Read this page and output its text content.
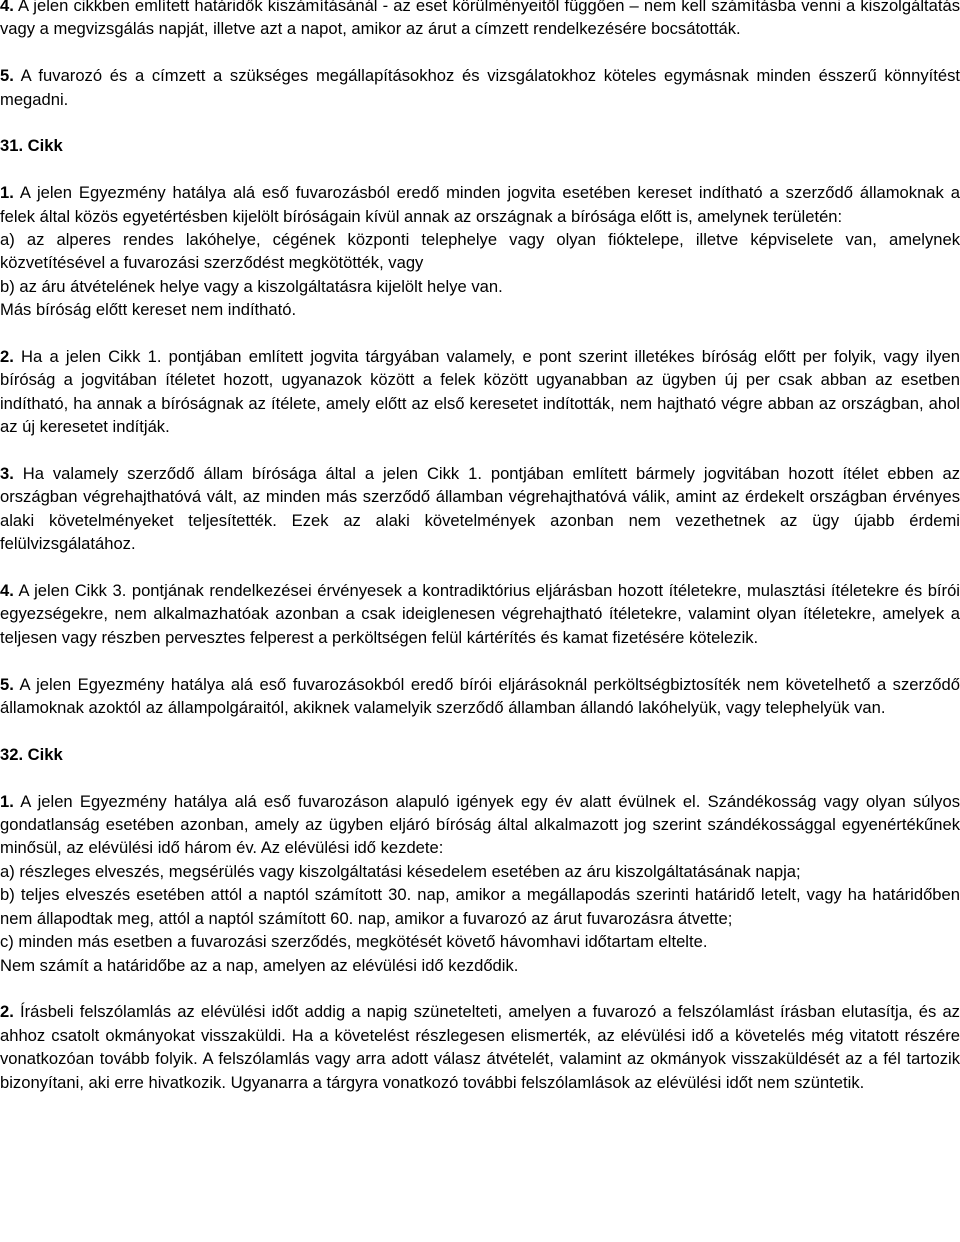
4. A jelen cikkben említett határidők kiszámításánál - az eset körülményeitől függően – nem kell számításba venni a kiszolgáltatás vagy a megvizsgálás napját, illetve azt a napot, amikor az árut a címzett rendelkezésére bocsátották.

5. A fuvarozó és a címzett a szükséges megállapításokhoz és vizsgálatokhoz köteles egymásnak minden ésszerű könnyítést megadni.

31. Cikk

1. A jelen Egyezmény hatálya alá eső fuvarozásból eredő minden jogvita esetében kereset indítható a szerződő államoknak a felek által közös egyetértésben kijelölt bíróságain kívül annak az országnak a bírósága előtt is, amelynek területén:

a) az alperes rendes lakóhelye, cégének központi telephelye vagy olyan fióktelepe, illetve képviselete van, amelynek közvetítésével a fuvarozási szerződést megkötötték, vagy

b) az áru átvételének helye vagy a kiszolgáltatásra kijelölt helye van.

Más bíróság előtt kereset nem indítható.

2. Ha a jelen Cikk 1. pontjában említett jogvita tárgyában valamely, e pont szerint illetékes bíróság előtt per folyik, vagy ilyen bíróság a jogvitában ítéletet hozott, ugyanazok között a felek között ugyanabban az ügyben új per csak abban az esetben indítható, ha annak a bíróságnak az ítélete, amely előtt az első keresetet indították, nem hajtható végre abban az országban, ahol az új keresetet indítják.

3. Ha valamely szerződő állam bírósága által a jelen Cikk 1. pontjában említett bármely jogvitában hozott ítélet ebben az országban végrehajthatóvá vált, az minden más szerződő államban végrehajthatóvá válik, amint az érdekelt országban érvényes alaki követelményeket teljesítették. Ezek az alaki követelmények azonban nem vezethetnek az ügy újabb érdemi felülvizsgálatához.

4. A jelen Cikk 3. pontjának rendelkezései érvényesek a kontradiktórius eljárásban hozott ítéletekre, mulasztási ítéletekre és bírói egyezségekre, nem alkalmazhatóak azonban a csak ideiglenesen végrehajtható ítéletekre, valamint olyan ítéletekre, amelyek a teljesen vagy részben pervesztes felperest a perköltségen felül kártérítés és kamat fizetésére kötelezik.

5. A jelen Egyezmény hatálya alá eső fuvarozásokból eredő bírói eljárásoknál perköltségbiztosíték nem követelhető a szerződő államoknak azoktól az állampolgáraitól, akiknek valamelyik szerződő államban állandó lakóhelyük, vagy telephelyük van.

32. Cikk

1. A jelen Egyezmény hatálya alá eső fuvarozáson alapuló igények egy év alatt évülnek el. Szándékosság vagy olyan súlyos gondatlanság esetében azonban, amely az ügyben eljáró bíróság által alkalmazott jog szerint szándékossággal egyenértékűnek minősül, az elévülési idő három év. Az elévülési idő kezdete:

a) részleges elveszés, megsérülés vagy kiszolgáltatási késedelem esetében az áru kiszolgáltatásának napja;

b) teljes elveszés esetében attól a naptól számított 30. nap, amikor a megállapodás szerinti határidő letelt, vagy ha határidőben nem állapodtak meg, attól a naptól számított 60. nap, amikor a fuvarozó az árut fuvarozásra átvette;

c) minden más esetben a fuvarozási szerződés, megkötését követő hávomhavi időtartam eltelte.

Nem számít a határidőbe az a nap, amelyen az elévülési idő kezdődik.

2. Írásbeli felszólamlás az elévülési időt addig a napig szünetelteti, amelyen a fuvarozó a felszólamlást írásban elutasítja, és az ahhoz csatolt okmányokat visszaküldi. Ha a követelést részlegesen elismerték, az elévülési idő a követelés még vitatott részére vonatkozóan tovább folyik. A felszólamlás vagy arra adott válasz átvételét, valamint az okmányok visszaküldését az a fél tartozik bizonyítani, aki erre hivatkozik. Ugyanarra a tárgyra vonatkozó további felszólamlások az elévülési időt nem szüntetik.
